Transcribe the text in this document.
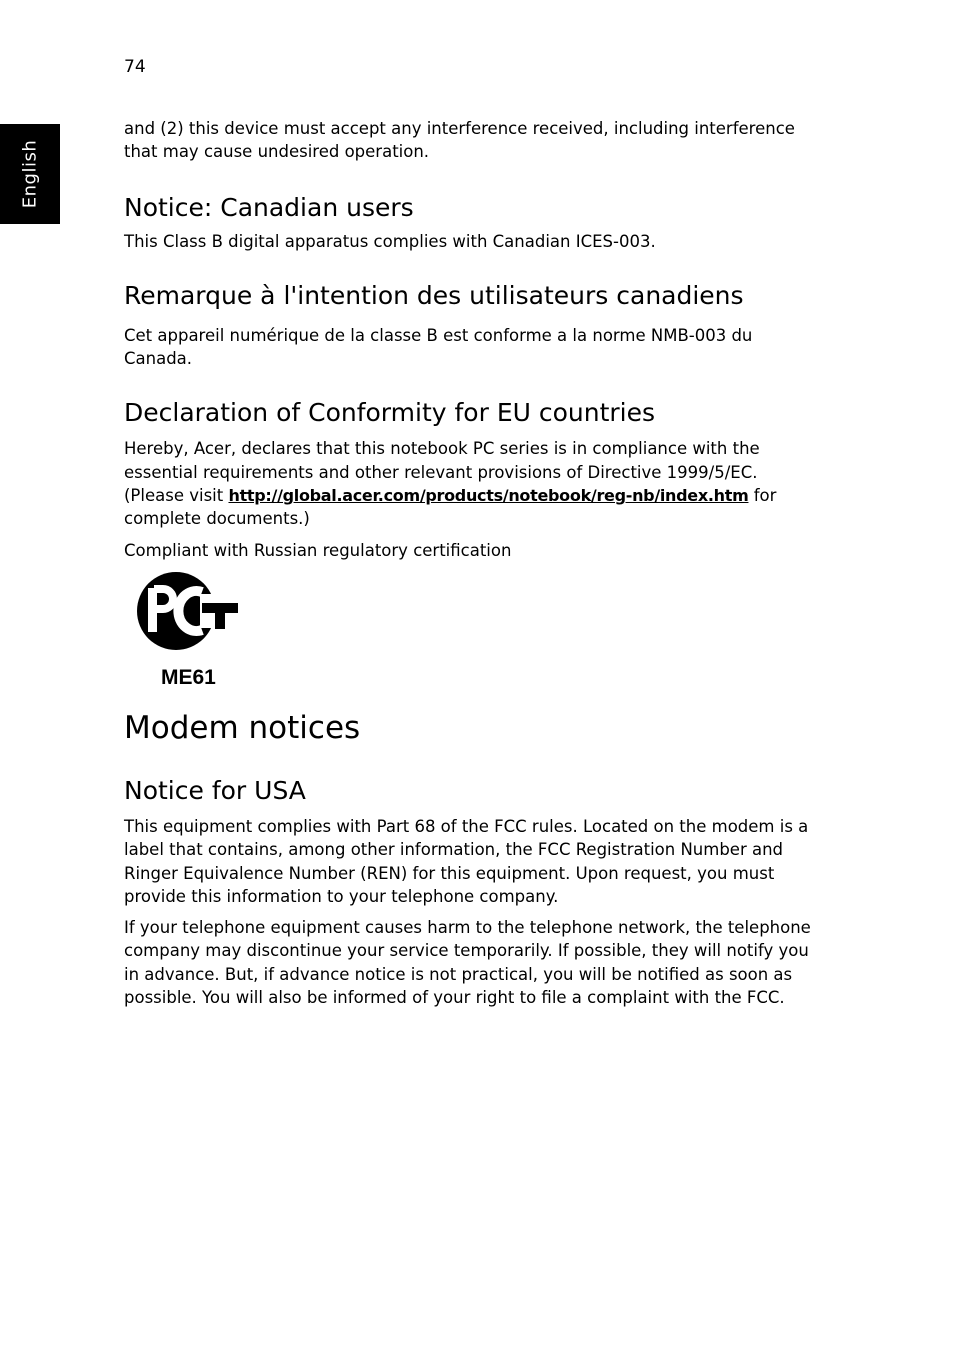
74
English

and (2) this device must accept any interference received, including interference that may cause undesired operation.

Notice: Canadian users

This Class B digital apparatus complies with Canadian ICES-003.

Remarque à l'intention des utilisateurs canadiens

Cet appareil numérique de la classe B est conforme a la norme NMB-003 du Canada.

Declaration of Conformity for EU countries

Hereby, Acer, declares that this notebook PC series is in compliance with the essential requirements and other relevant provisions of Directive 1999/5/EC. (Please visit http://global.acer.com/products/notebook/reg-nb/index.htm for complete documents.)

Compliant with Russian regulatory certification

ME61
Modem notices
Notice for USA

This equipment complies with Part 68 of the FCC rules. Located on the modem is a label that contains, among other information, the FCC Registration Number and Ringer Equivalence Number (REN) for this equipment. Upon request, you must provide this information to your telephone company.

If your telephone equipment causes harm to the telephone network, the telephone company may discontinue your service temporarily. If possible, they will notify you in advance. But, if advance notice is not practical, you will be notified as soon as possible. You will also be informed of your right to file a complaint with the FCC.
